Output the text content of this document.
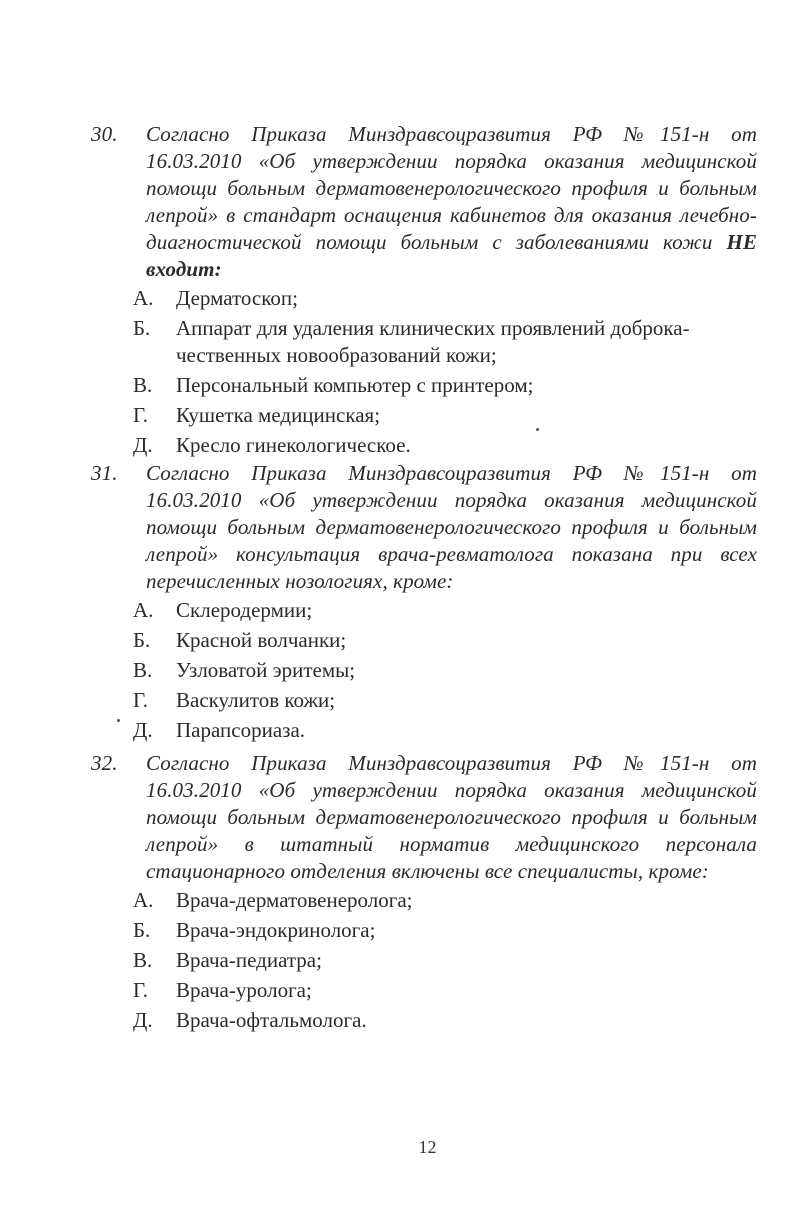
30. Согласно Приказа Минздравсоцразвития РФ №151-н от 16.03.2010 «Об утверждении порядка оказания медицинской помощи больным дерматовенерологического профиля и больным лепрой» в стандарт оснащения кабинетов для оказания лечебно-диагностической помощи больным с заболеваниями кожи НЕ входит:
А. Дерматоскоп;
Б. Аппарат для удаления клинических проявлений доброкачественных новообразований кожи;
В. Персональный компьютер с принтером;
Г. Кушетка медицинская;
Д. Кресло гинекологическое.
31. Согласно Приказа Минздравсоцразвития РФ №151-н от 16.03.2010 «Об утверждении порядка оказания медицинской помощи больным дерматовенерологического профиля и больным лепрой» консультация врача-ревматолога показана при всех перечисленных нозологиях, кроме:
А. Склеродермии;
Б. Красной волчанки;
В. Узловатой эритемы;
Г. Васкулитов кожи;
Д. Парапсориаза.
32. Согласно Приказа Минздравсоцразвития РФ №151-н от 16.03.2010 «Об утверждении порядка оказания медицинской помощи больным дерматовенерологического профиля и больным лепрой» в штатный норматив медицинского персонала стационарного отделения включены все специалисты, кроме:
А. Врача-дерматовенеролога;
Б. Врача-эндокринолога;
В. Врача-педиатра;
Г. Врача-уролога;
Д. Врача-офтальмолога.
12
